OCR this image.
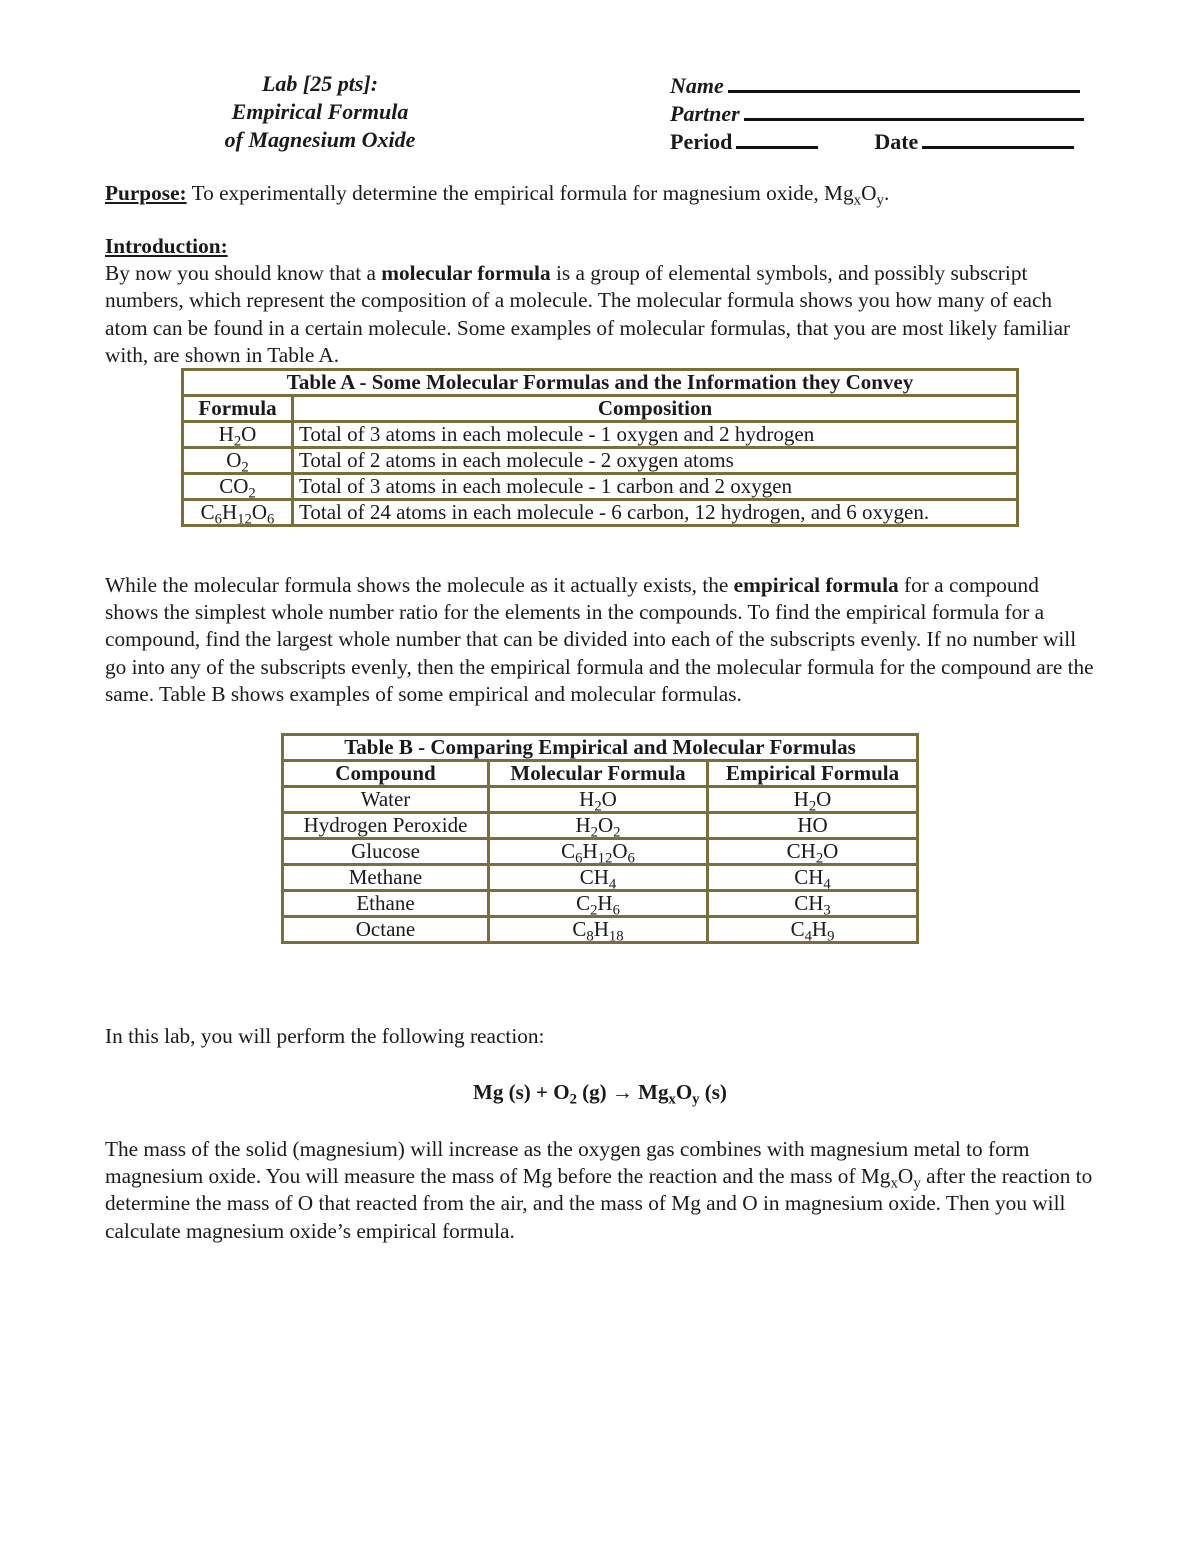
Lab [25 pts]:
Empirical Formula
of Magnesium Oxide
Name
Partner
Period	Date
Purpose: To experimentally determine the empirical formula for magnesium oxide, $Mg_xO_y$.
Introduction:
By now you should know that a molecular formula is a group of elemental symbols, and possibly subscript numbers, which represent the composition of a molecule. The molecular formula shows you how many of each atom can be found in a certain molecule. Some examples of molecular formulas, that you are most likely familiar with, are shown in Table A.
Table A - Some Molecular Formulas and the Information they Convey	
Formula	Composition
$H_2O$	Total of 3 atoms in each molecule - 1 oxygen and 2 hydrogen
$O_2$	Total of 2 atoms in each molecule - 2 oxygen atoms
$CO_2$	Total of 3 atoms in each molecule - 1 carbon and 2 oxygen
$C_6H_{12}O_6$	Total of 24 atoms in each molecule - 6 carbon, 12 hydrogen, and 6 oxygen.
While the molecular formula shows the molecule as it actually exists, the empirical formula for a compound shows the simplest whole number ratio for the elements in the compounds. To find the empirical formula for a compound, find the largest whole number that can be divided into each of the subscripts evenly. If no number will go into any of the subscripts evenly, then the empirical formula and the molecular formula for the compound are the same. Table B shows examples of some empirical and molecular formulas.
Table B - Comparing Empirical and Molecular Formulas		
Compound	Molecular Formula	Empirical Formula
Water	$H_2O$	$H_2O$
Hydrogen Peroxide	$H_2O_2$	HO
Glucose	$C_6H_{12}O_6$	$CH_2O$
Methane	$CH_4$	$CH_4$
Ethane	$C_2H_6$	$CH_3$
Octane	$C_8H_{18}$	$C_4H_9$
In this lab, you will perform the following reaction:
Mg $(s) + O_2$ $(g) \to Mg_xO_y$ (s)
The mass of the solid (magnesium) will increase as the oxygen gas combines with magnesium metal to form magnesium oxide. You will measure the mass of Mg before the reaction and the mass of $Mg_xO_y$ after the reaction to determine the mass of O that reacted from the air, and the mass of Mg and O in magnesium oxide. Then you will calculate magnesium oxide’s empirical formula.
